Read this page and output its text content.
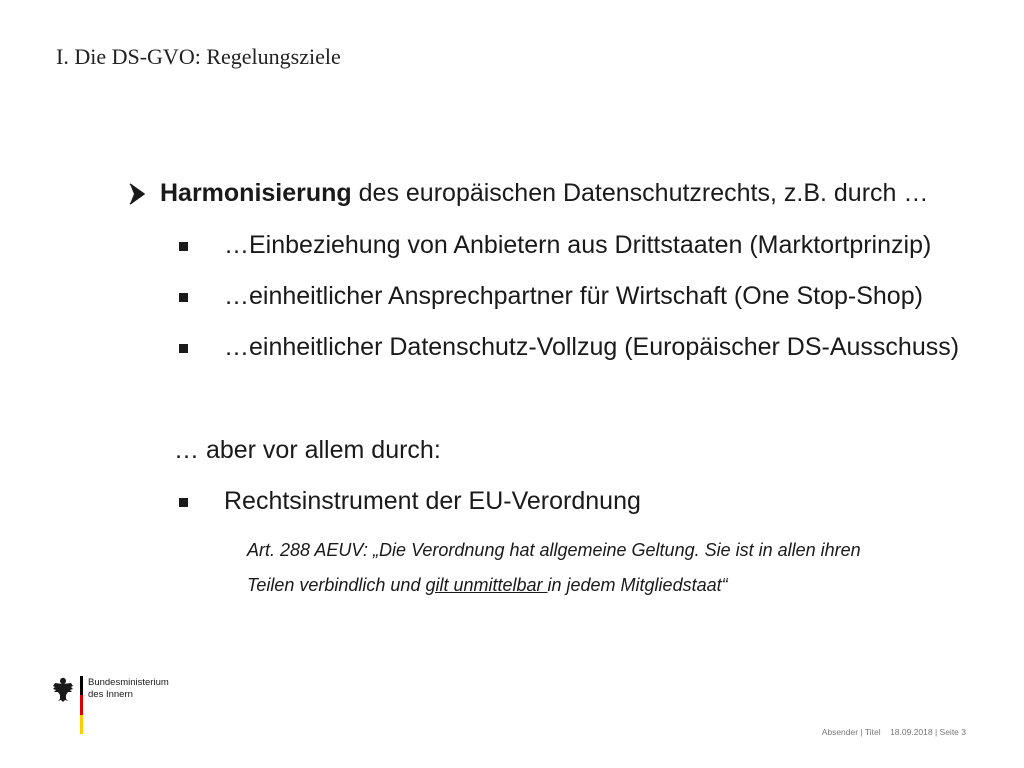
I. Die DS-GVO: Regelungsziele
Harmonisierung des europäischen Datenschutzrechts, z.B. durch …
…Einbeziehung von Anbietern aus Drittstaaten (Marktortprinzip)
…einheitlicher Ansprechpartner für Wirtschaft (One Stop-Shop)
…einheitlicher Datenschutz-Vollzug (Europäischer DS-Ausschuss)
… aber vor allem durch:
Rechtsinstrument der EU-Verordnung
Art. 288 AEUV: „Die Verordnung hat allgemeine Geltung. Sie ist in allen ihren
Teilen verbindlich und gilt unmittelbar in jedem Mitgliedstaat“
Bundesministerium
des Innern
Absender | Titel 18.09.2018 | Seite 3
